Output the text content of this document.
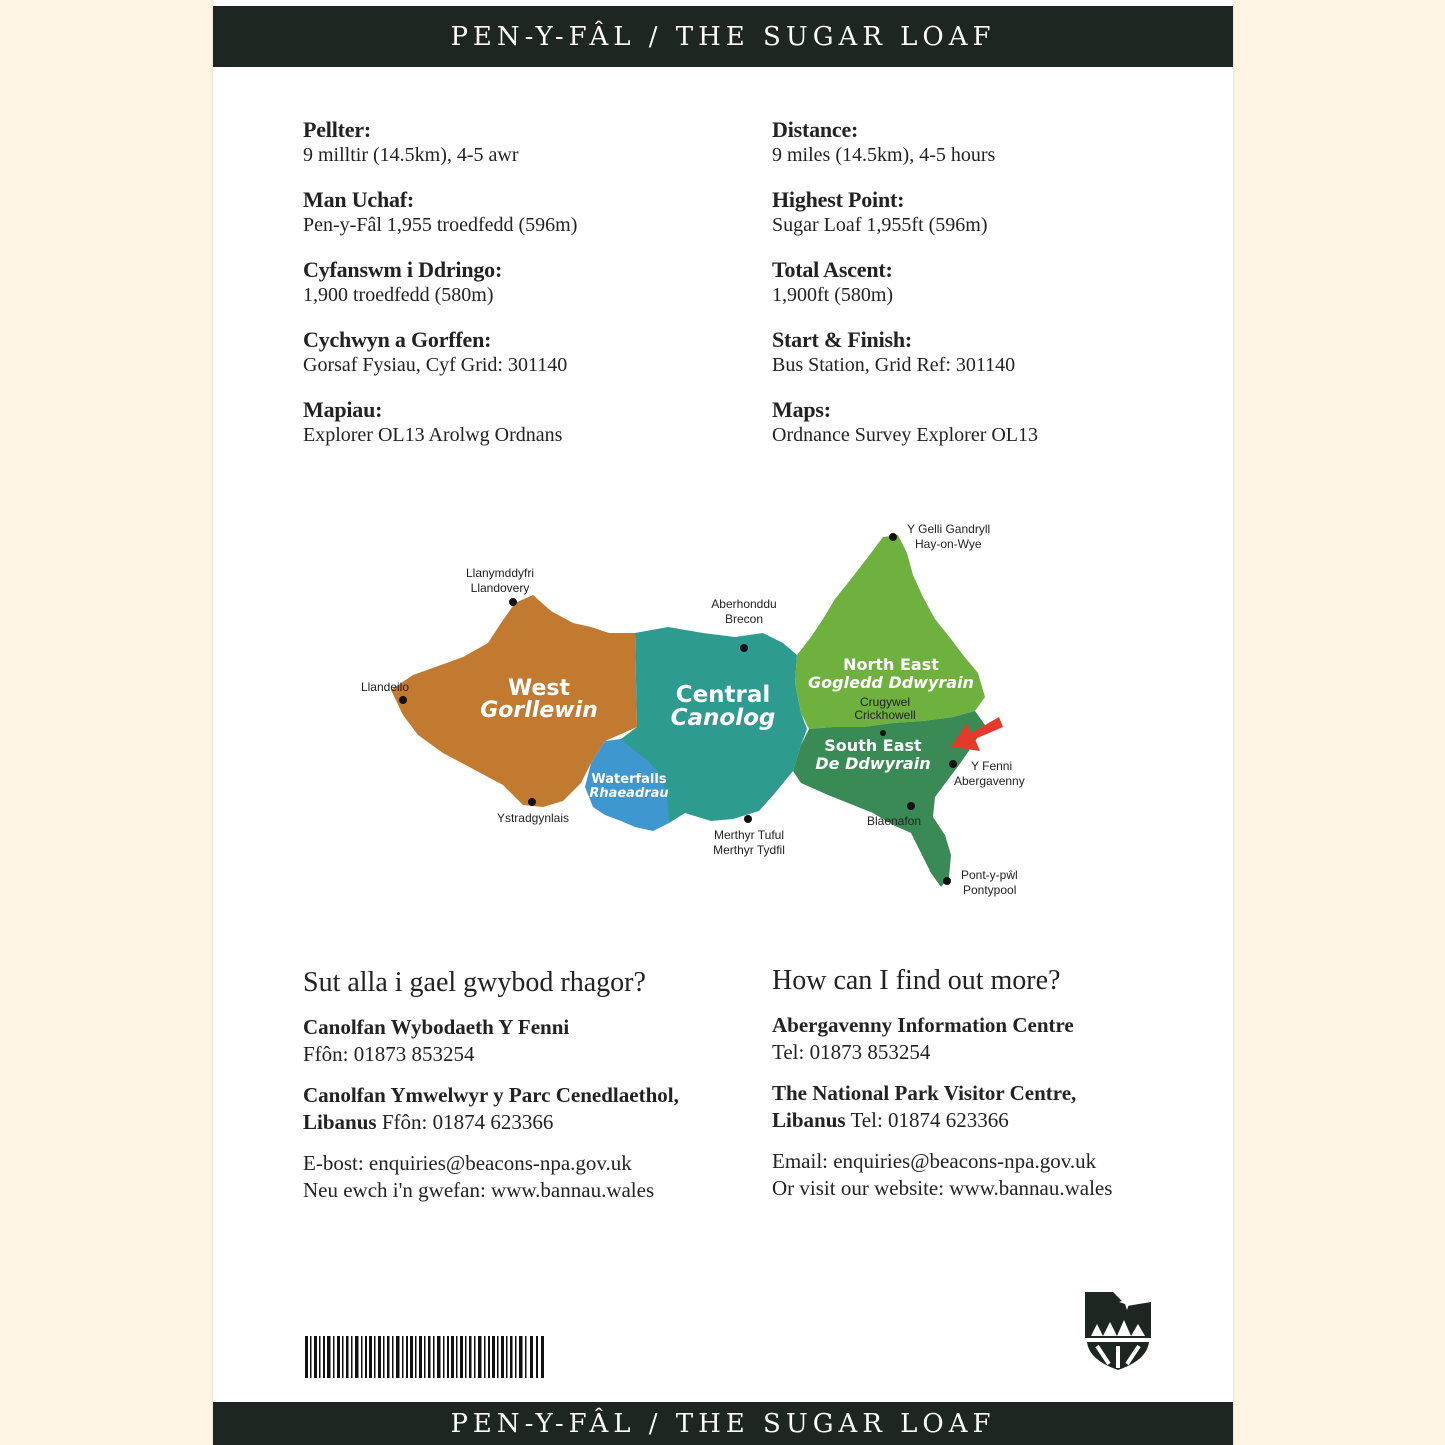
PEN-Y-FÂL / THE SUGAR LOAF
Pellter:
9 milltir (14.5km), 4-5 awr
Man Uchaf:
Pen-y-Fâl 1,955 troedfedd (596m)
Cyfanswm i Ddringo:
1,900 troedfedd (580m)
Cychwyn a Gorffen:
Gorsaf Fysiau, Cyf Grid: 301140
Mapiau:
Explorer OL13 Arolwg Ordnans
Distance:
9 miles (14.5km), 4-5 hours
Highest Point:
Sugar Loaf 1,955ft (596m)
Total Ascent:
1,900ft (580m)
Start & Finish:
Bus Station, Grid Ref: 301140
Maps:
Ordnance Survey Explorer OL13
West
Gorllewin
Central
Canolog
Waterfalls
Rhaeadrau
North East
Gogledd Ddwyrain
South East
De Ddwyrain
Y Gelli Gandryll
Hay-on-Wye
Llanymddyfri
Llandovery
Aberhonddu
Brecon
Llandeilo
Crugywel
Crickhowell
Y Fenni
Abergavenny
Ystradgynlais
Merthyr Tuful
Merthyr Tydfil
Blaenafon
Pont-y-pŵl
Pontypool
Sut alla i gael gwybod rhagor?
Canolfan Wybodaeth Y Fenni
Ffôn: 01873 853254
Canolfan Ymwelwyr y Parc Cenedlaethol,
Libanus Ffôn: 01874 623366
E-bost: enquiries@beacons-npa.gov.uk
Neu ewch i'n gwefan: www.bannau.wales
How can I find out more?
Abergavenny Information Centre
Tel: 01873 853254
The National Park Visitor Centre,
Libanus Tel: 01874 623366
Email: enquiries@beacons-npa.gov.uk
Or visit our website: www.bannau.wales
PEN-Y-FÂL / THE SUGAR LOAF
